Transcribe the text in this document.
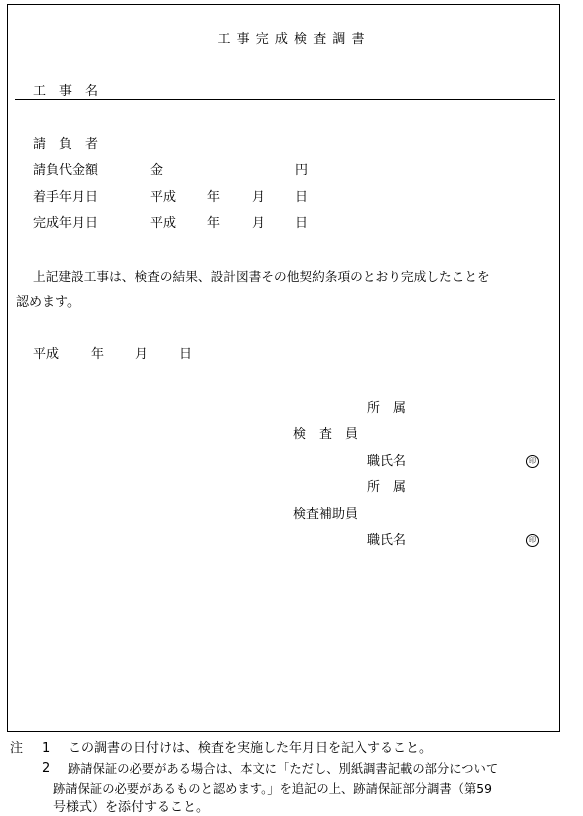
工 事 完 成 検 査 調 書
工　事　名
請　負　者
請負代金額	金	円
着手年月日	平成 年 月 日
完成年月日	平成 年 月 日
上記建設工事は、検査の結果、設計図書その他契約条項のとおり完成したことを
認めます。
平成 年 月 日
所　属
検　査　員
職氏名	印
所　属
検査補助員
職氏名	印
注 1 この調書の日付けは、検査を実施した年月日を記入すること。
2 跡請保証の必要がある場合は、本文に「ただし、別紙調書記載の部分について
跡請保証の必要があるものと認めます。」を追記の上、跡請保証部分調書（第59
号様式）を添付すること。
